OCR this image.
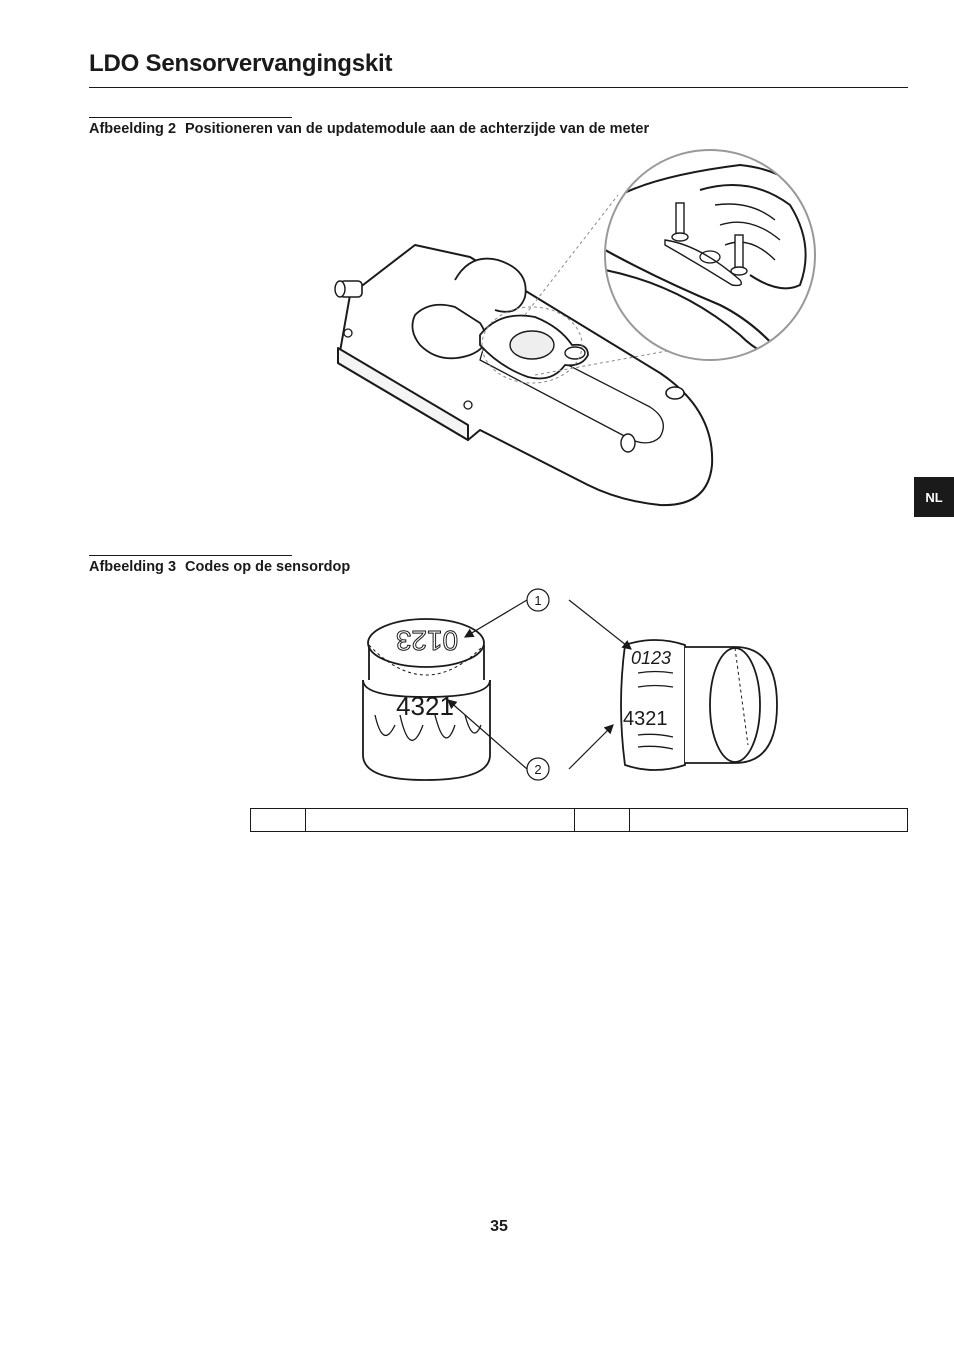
LDO Sensorvervangingskit
Afbeelding 2 Positioneren van de updatemodule aan de achterzijde van de meter
Afbeelding 3 Codes op de sensordop
0123
4321
0123
4321
1
2

NL
35
